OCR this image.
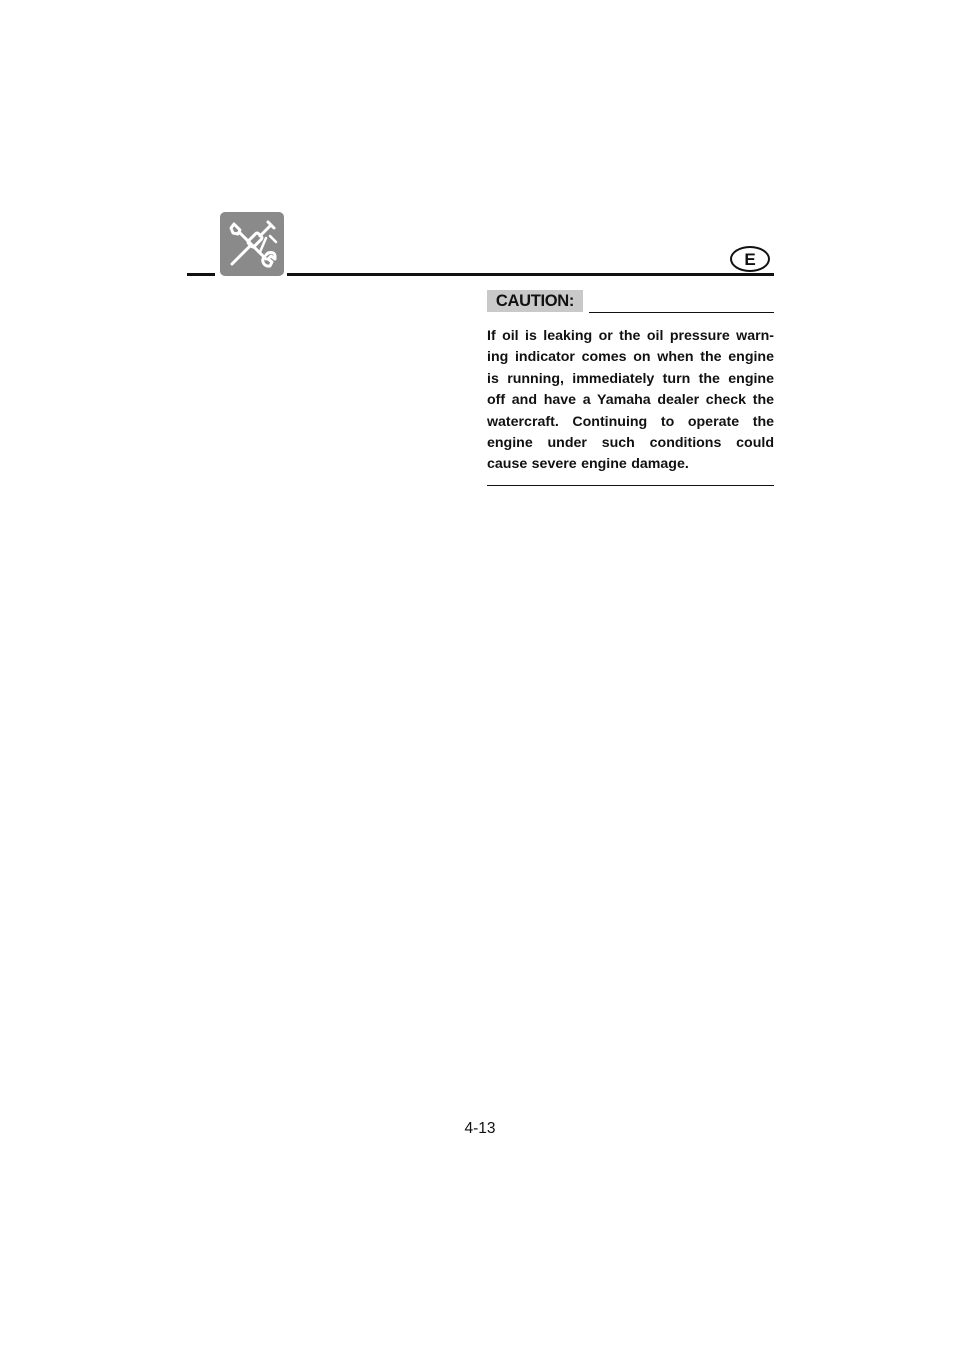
E
CAUTION:

If oil is leaking or the oil pressure warn-ing indicator comes on when the engine is running, immediately turn the engine off and have a Yamaha dealer check the watercraft. Continuing to operate the engine under such conditions could cause severe engine damage.

4-13
